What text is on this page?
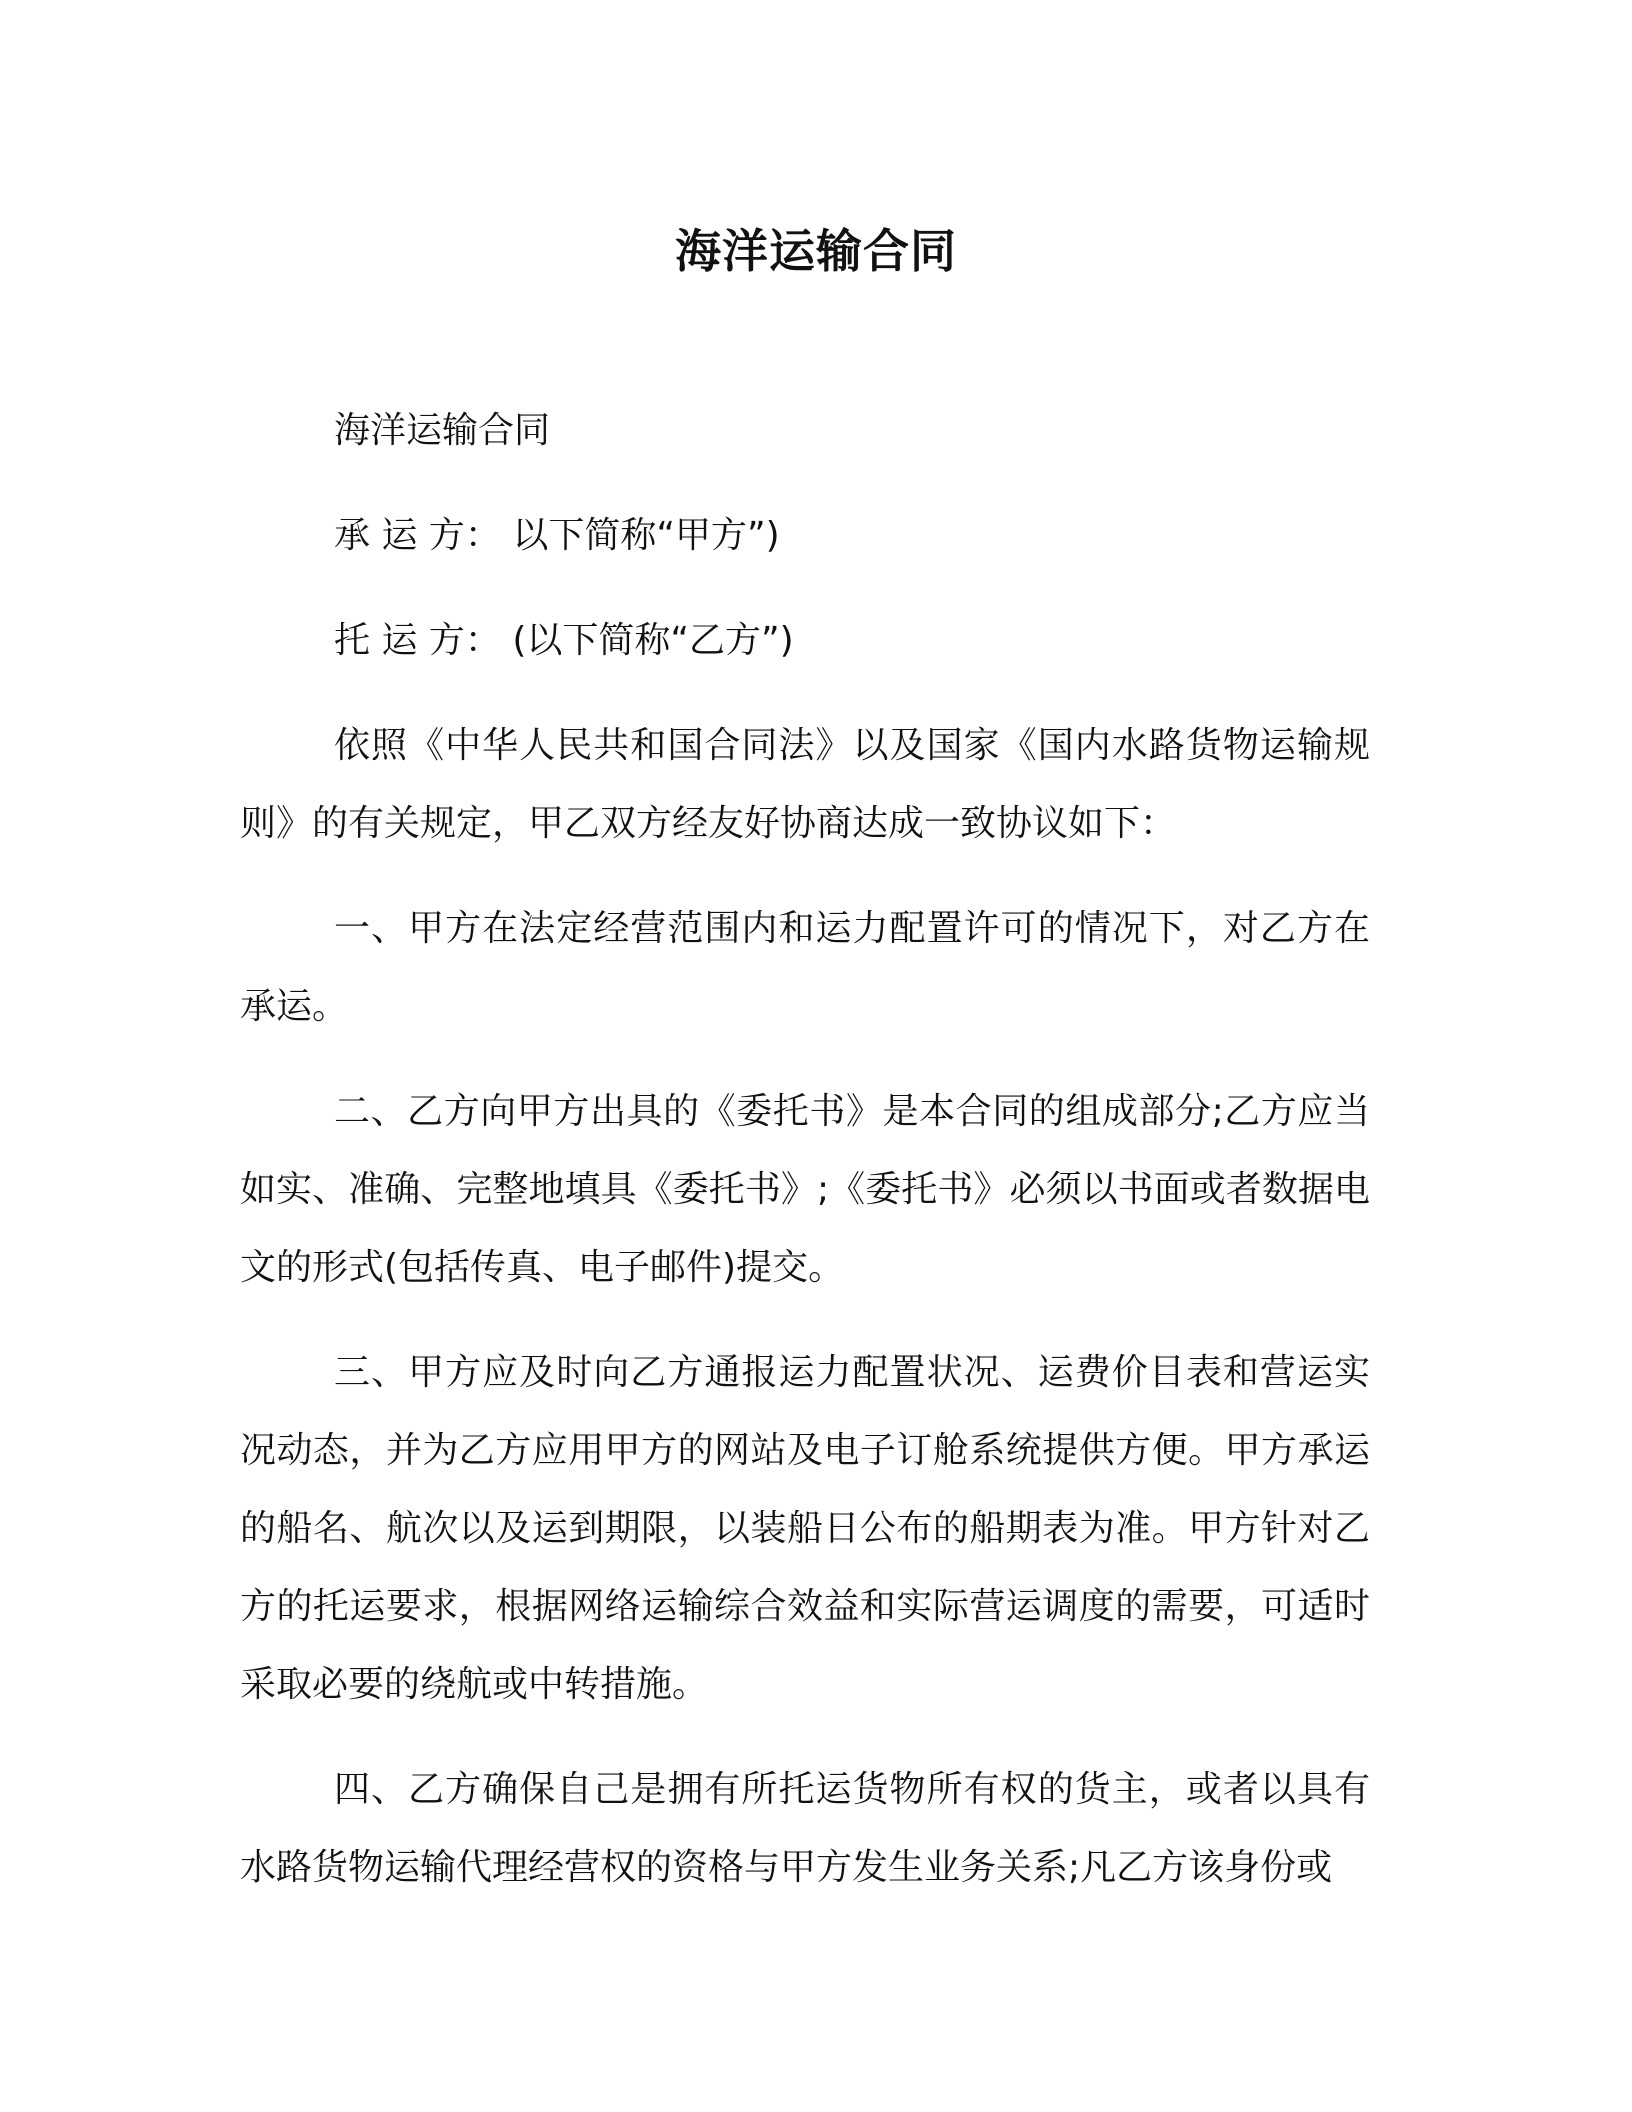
海洋运输合同

海洋运输合同

承 运 方： 以下简称“甲方”)

托 运 方： (以下简称“乙方”)

依照《中华人民共和国合同法》以及国家《国内水路货物运输规则》的有关规定，甲乙双方经友好协商达成一致协议如下：

一、甲方在法定经营范围内和运力配置许可的情况下，对乙方在承运。

二、乙方向甲方出具的《委托书》是本合同的组成部分;乙方应当如实、准确、完整地填具《委托书》;《委托书》必须以书面或者数据电文的形式(包括传真、电子邮件)提交。

三、甲方应及时向乙方通报运力配置状况、运费价目表和营运实况动态，并为乙方应用甲方的网站及电子订舱系统提供方便。甲方承运的船名、航次以及运到期限，以装船日公布的船期表为准。甲方针对乙方的托运要求，根据网络运输综合效益和实际营运调度的需要，可适时采取必要的绕航或中转措施。

四、乙方确保自己是拥有所托运货物所有权的货主，或者以具有水路货物运输代理经营权的资格与甲方发生业务关系;凡乙方该身份或
